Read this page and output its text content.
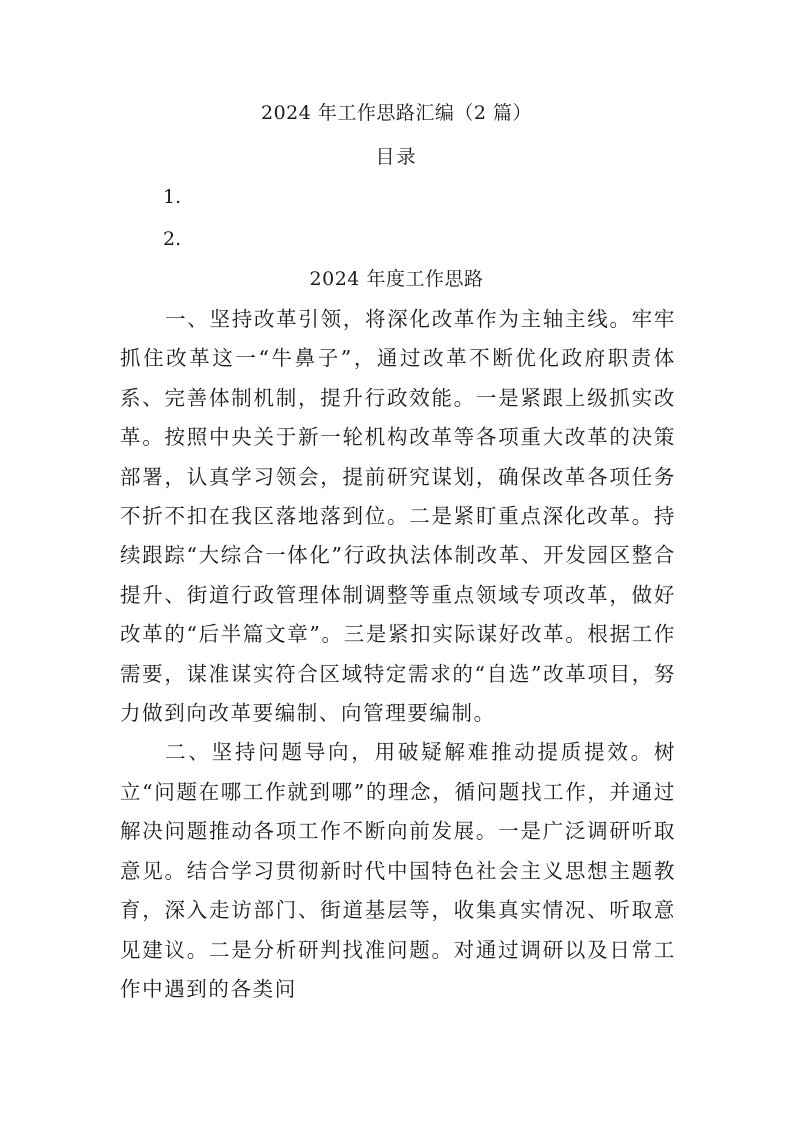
2024 年工作思路汇编（2 篇）
目录
1.
2.
2024 年度工作思路

一、坚持改革引领，将深化改革作为主轴主线。牢牢抓住改革这一“牛鼻子”，通过改革不断优化政府职责体系、完善体制机制，提升行政效能。一是紧跟上级抓实改革。按照中央关于新一轮机构改革等各项重大改革的决策部署，认真学习领会，提前研究谋划，确保改革各项任务不折不扣在我区落地落到位。二是紧盯重点深化改革。持续跟踪“大综合一体化”行政执法体制改革、开发园区整合提升、街道行政管理体制调整等重点领域专项改革，做好改革的“后半篇文章”。三是紧扣实际谋好改革。根据工作需要，谋准谋实符合区域特定需求的“自选”改革项目，努力做到向改革要编制、向管理要编制。

二、坚持问题导向，用破疑解难推动提质提效。树立“问题在哪工作就到哪”的理念，循问题找工作，并通过解决问题推动各项工作不断向前发展。一是广泛调研听取意见。结合学习贯彻新时代中国特色社会主义思想主题教育，深入走访部门、街道基层等，收集真实情况、听取意见建议。二是分析研判找准问题。对通过调研以及日常工作中遇到的各类问
